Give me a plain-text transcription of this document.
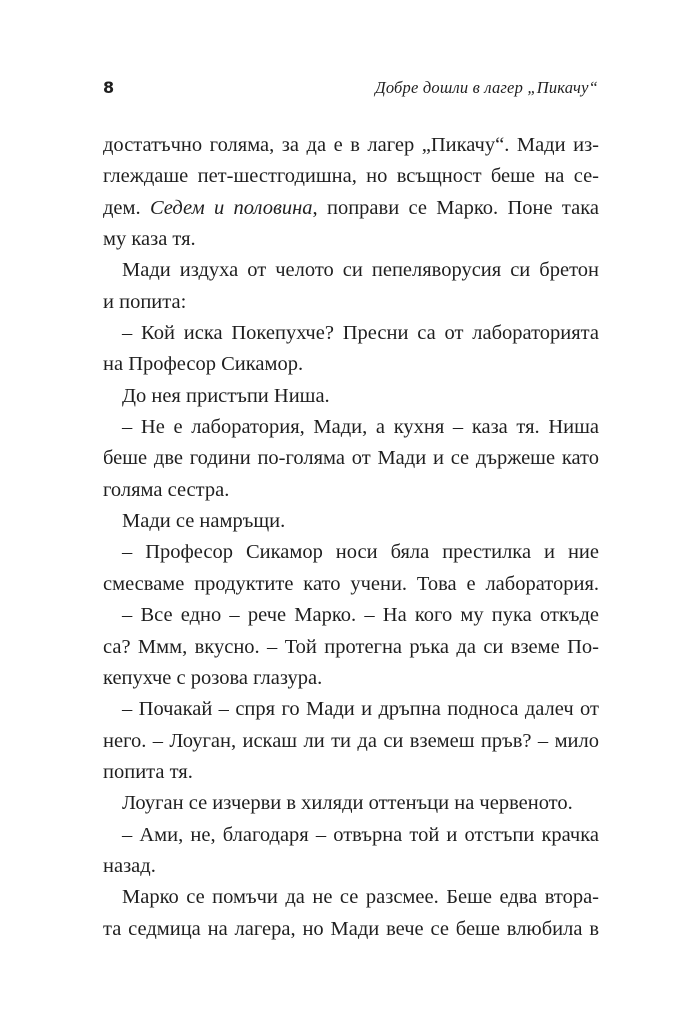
8	Добре дошли в лагер „Пикачу“
достатъчно голяма, за да е в лагер „Пикачу“. Мади из-
глеждаше пет-шестгодишна, но всъщност беше на се-
дем. Седем и половина, поправи се Марко. Поне така
му каза тя.
Мади издуха от челото си пепеляворусия си бретон
и попита:
– Кой иска Покепухче? Пресни са от лабораторията
на Професор Сикамор.
До нея пристъпи Ниша.
– Не е лаборатория, Мади, а кухня – каза тя. Ниша
беше две години по-голяма от Мади и се държеше като
голяма сестра.
Мади се намръщи.
– Професор Сикамор носи бяла престилка и ние
смесваме продуктите като учени. Това е лаборатория.
– Все едно – рече Марко. – На кого му пука откъде
са? Ммм, вкусно. – Той протегна ръка да си вземе По-
кепухче с розова глазура.
– Почакай – спря го Мади и дръпна подноса далеч от
него. – Лоуган, искаш ли ти да си вземеш пръв? – мило
попита тя.
Лоуган се изчерви в хиляди оттенъци на червеното.
– Ами, не, благодаря – отвърна той и отстъпи крачка
назад.
Марко се помъчи да не се разсмее. Беше едва втора-
та седмица на лагера, но Мади вече се беше влюбила в
